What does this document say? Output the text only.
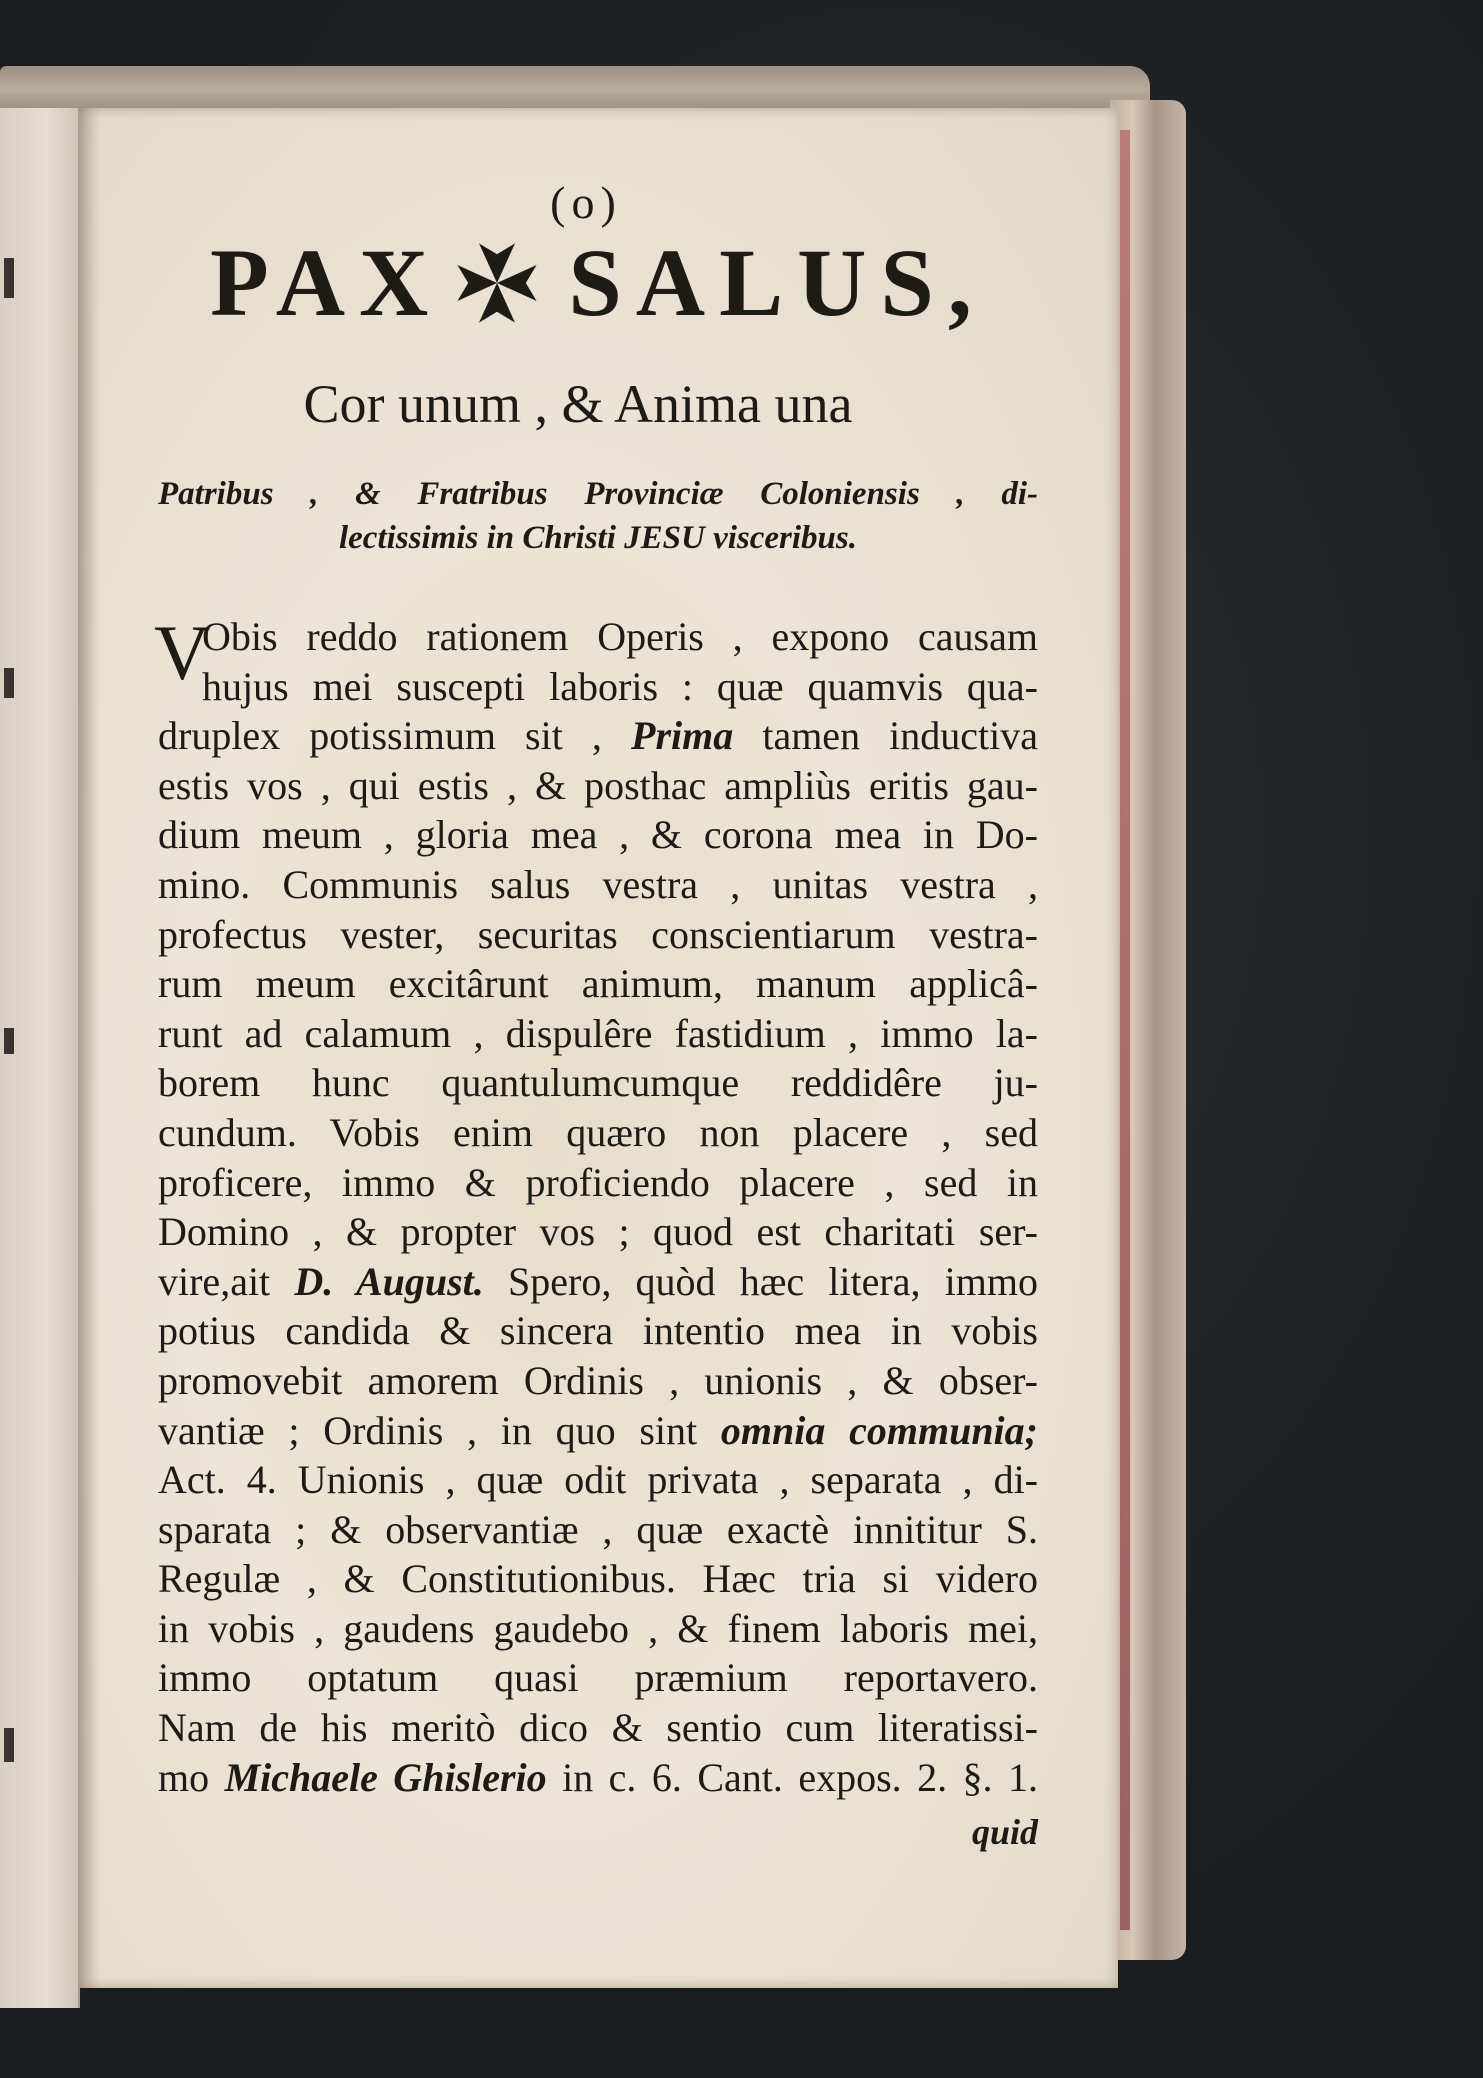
(o)
PAX SALUS,
Cor unum , & Anima una
Patribus , & Fratribus Provinciæ Coloniensis , di-
lectissimis in Christi JESU visceribus.
V
Obis reddo rationem Operis , expono causam
hujus mei suscepti laboris : quæ quamvis qua-
druplex potissimum sit , Prima tamen inductiva
estis vos , qui estis , & posthac ampliùs eritis gau-
dium meum , gloria mea , & corona mea in Do-
mino. Communis salus vestra , unitas vestra ,
profectus vester, securitas conscientiarum vestra-
rum meum excitârunt animum, manum applicâ-
runt ad calamum , dispulêre fastidium , immo la-
borem hunc quantulumcumque reddidêre ju-
cundum. Vobis enim quæro non placere , sed
proficere, immo & proficiendo placere , sed in
Domino , & propter vos ; quod est charitati ser-
vire,ait D. August. Spero, quòd hæc litera, immo
potius candida & sincera intentio mea in vobis
promovebit amorem Ordinis , unionis , & obser-
vantiæ ; Ordinis , in quo sint omnia communia;
Act. 4. Unionis , quæ odit privata , separata , di-
sparata ; & observantiæ , quæ exactè innititur S.
Regulæ , & Constitutionibus. Hæc tria si videro
in vobis , gaudens gaudebo , & finem laboris mei,
immo optatum quasi præmium reportavero.
Nam de his meritò dico & sentio cum literatissi-
mo Michaele Ghislerio in c. 6. Cant. expos. 2. §. 1.
quid
